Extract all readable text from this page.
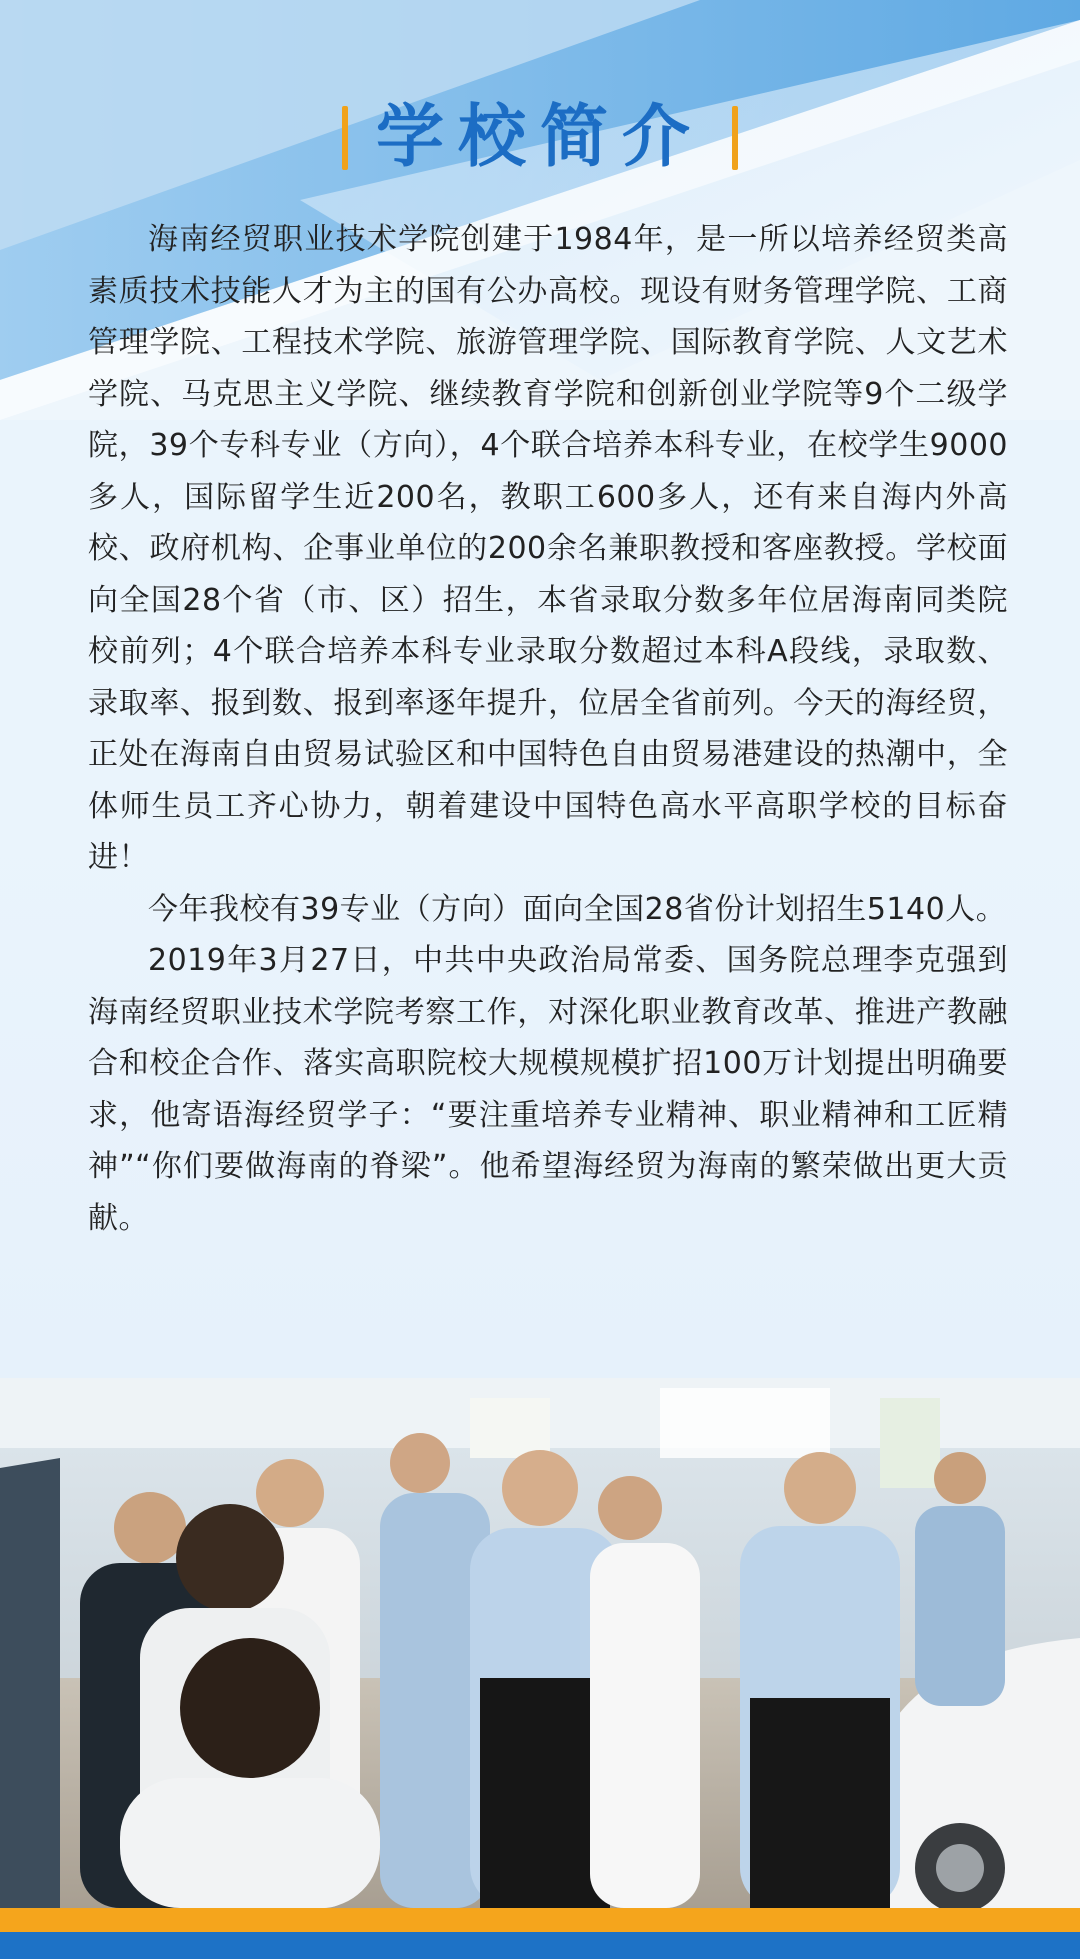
学校简介

海南经贸职业技术学院创建于1984年，是一所以培养经贸类高素质技术技能人才为主的国有公办高校。现设有财务管理学院、工商管理学院、工程技术学院、旅游管理学院、国际教育学院、人文艺术学院、马克思主义学院、继续教育学院和创新创业学院等9个二级学院，39个专科专业（方向），4个联合培养本科专业，在校学生9000多人，国际留学生近200名，教职工600多人，还有来自海内外高校、政府机构、企事业单位的200余名兼职教授和客座教授。学校面向全国28个省（市、区）招生，本省录取分数多年位居海南同类院校前列；4个联合培养本科专业录取分数超过本科A段线，录取数、录取率、报到数、报到率逐年提升，位居全省前列。今天的海经贸，正处在海南自由贸易试验区和中国特色自由贸易港建设的热潮中，全体师生员工齐心协力，朝着建设中国特色高水平高职学校的目标奋进！

今年我校有39专业（方向）面向全国28省份计划招生5140人。

2019年3月27日，中共中央政治局常委、国务院总理李克强到海南经贸职业技术学院考察工作，对深化职业教育改革、推进产教融合和校企合作、落实高职院校大规模规模扩招100万计划提出明确要求，他寄语海经贸学子：“要注重培养专业精神、职业精神和工匠精神”“你们要做海南的脊梁”。他希望海经贸为海南的繁荣做出更大贡献。
